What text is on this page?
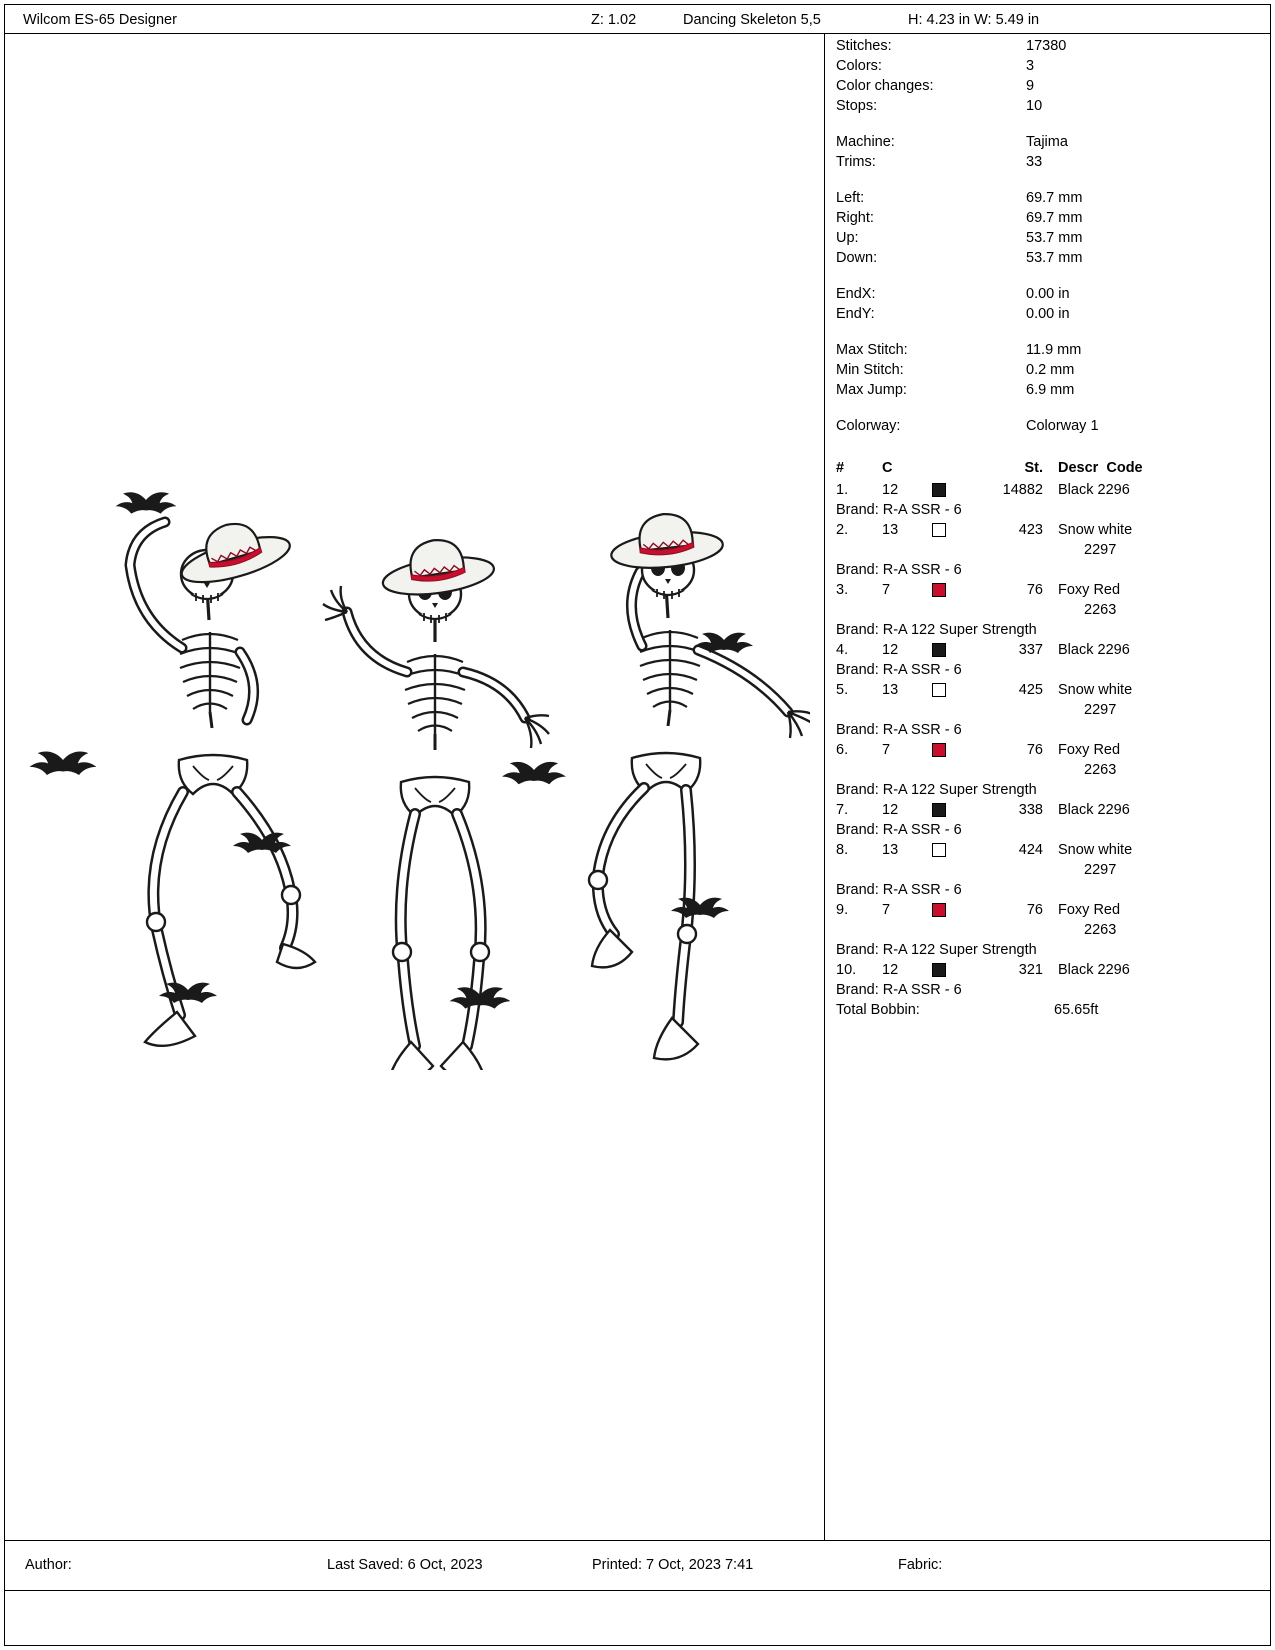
Wilcom ES-65 Designer	Z: 1.02	Dancing Skeleton 5,5	H: 4.23 in W: 5.49 in
Stitches:	17380
Colors:	3
Color changes:	9
Stops:	10
Machine:	Tajima
Trims:	33
Left:	69.7 mm
Right:	69.7 mm
Up:	53.7 mm
Down:	53.7 mm
EndX:	0.00 in
EndY:	0.00 in
Max Stitch:	11.9 mm
Min Stitch:	0.2 mm
Max Jump:	6.9 mm
Colorway:	Colorway 1
#	C	St. Descr Code
1. 12	14882 Black 2296
Brand: R-A SSR - 6
2. 13	423 Snow white
2297
Brand: R-A SSR - 6
3. 7	76 Foxy Red
2263
Brand: R-A 122 Super Strength
4. 12	337 Black 2296
Brand: R-A SSR - 6
5. 13	425 Snow white
2297
Brand: R-A SSR - 6
6. 7	76 Foxy Red
2263
Brand: R-A 122 Super Strength
7. 12	338 Black 2296
Brand: R-A SSR - 6
8. 13	424 Snow white
2297
Brand: R-A SSR - 6
9. 7	76 Foxy Red
2263
Brand: R-A 122 Super Strength
10. 12	321 Black 2296
Brand: R-A SSR - 6
Total Bobbin:	65.65ft
Author:	Last Saved: 6 Oct, 2023	Printed: 7 Oct, 2023 7:41	Fabric:
